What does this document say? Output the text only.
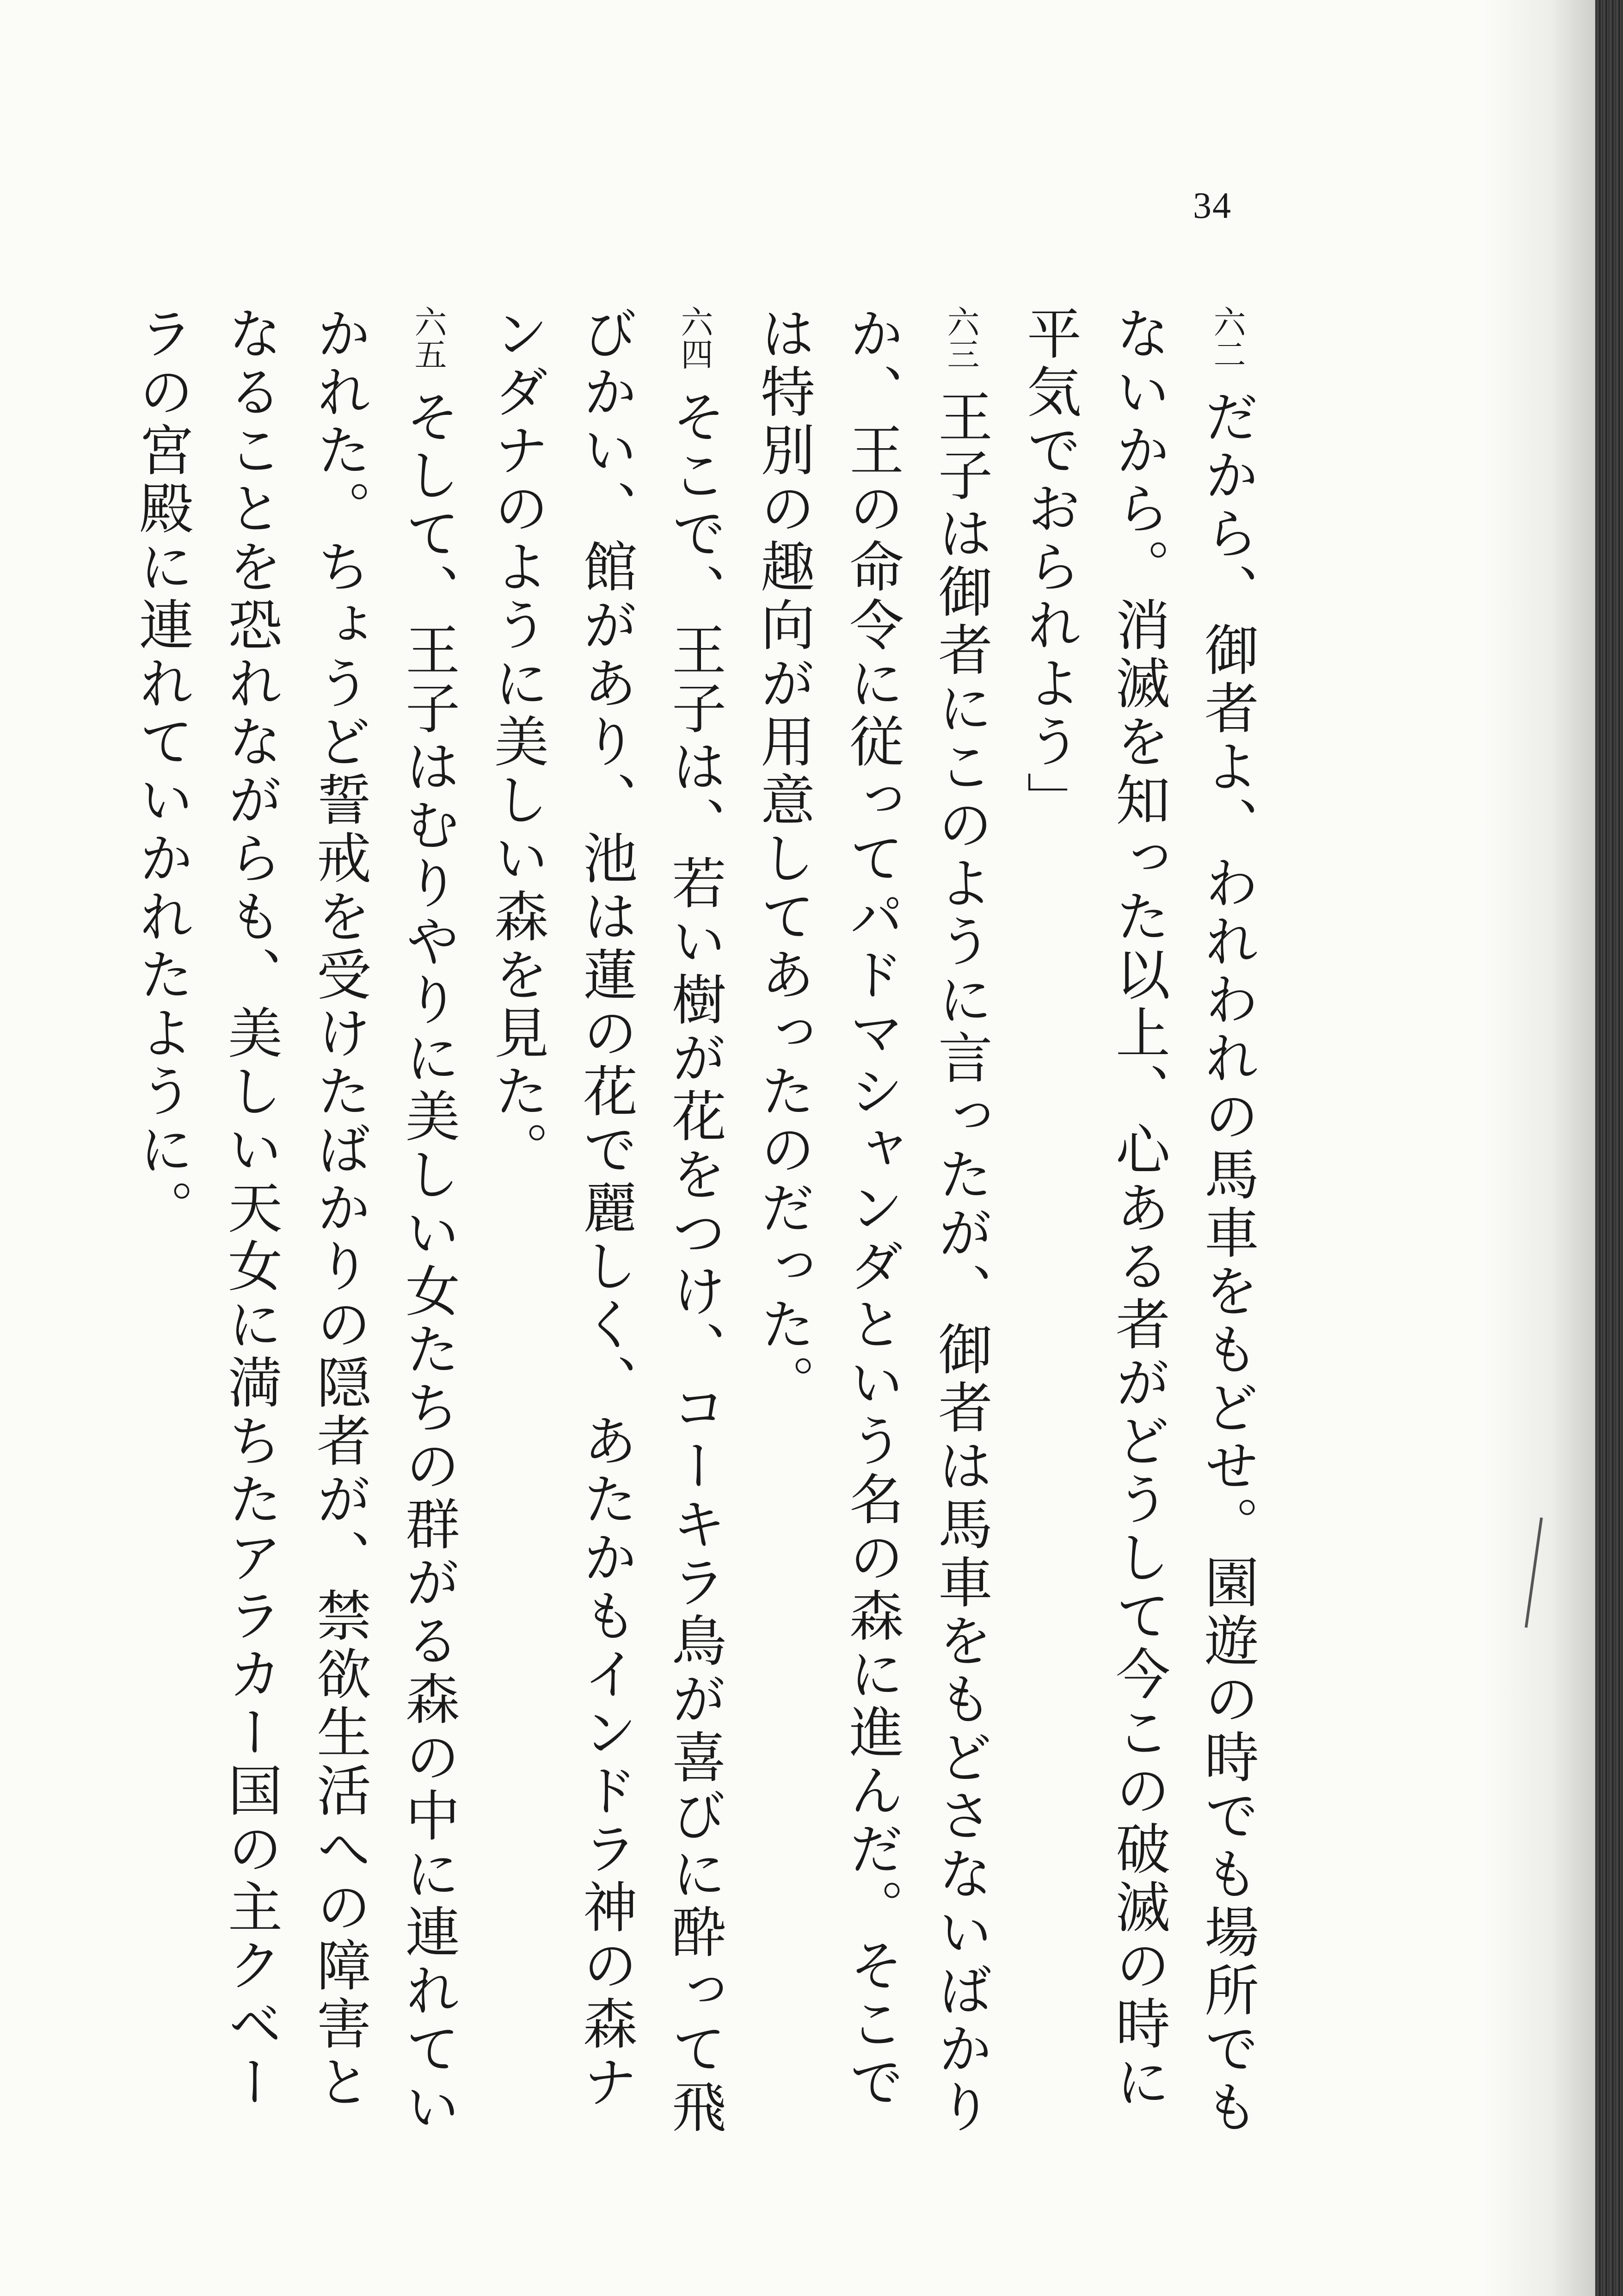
34

六二だから、御者よ、われわれの馬車をもどせ。園遊の時でも場所でもないから。消滅を知った以上、心ある者がどうして今この破滅の時に平気でおられよう」

六三王子は御者にこのように言ったが、御者は馬車をもどさないばかりか、王の命令に従ってパドマシャンダという名の森に進んだ。そこでは特別の趣向が用意してあったのだった。

六四そこで、王子は、若い樹が花をつけ、コーキラ鳥が喜びに酔って飛びかい、館があり、池は蓮の花で麗しく、あたかもインドラ神の森ナンダナのように美しい森を見た。

六五そして、王子はむりやりに美しい女たちの群がる森の中に連れていかれた。ちょうど誓戒を受けたばかりの隠者が、禁欲生活への障害となることを恐れながらも、美しい天女に満ちたアラカー国の主クベーラの宮殿に連れていかれたように。
